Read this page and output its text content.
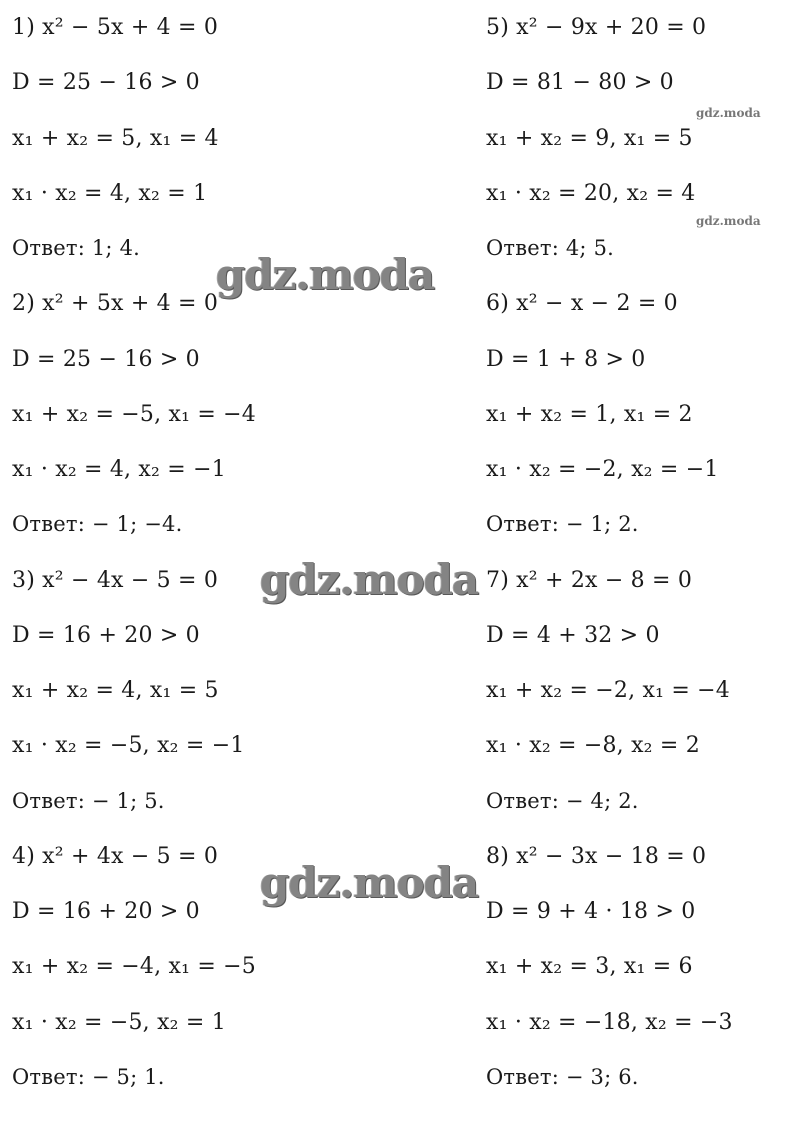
1) x² − 5x + 4 = 0
D = 25 − 16 > 0
x₁ + x₂ = 5, x₁ = 4
x₁ · x₂ = 4, x₂ = 1
Ответ: 1; 4.
2) x² + 5x + 4 = 0
D = 25 − 16 > 0
x₁ + x₂ = −5, x₁ = −4
x₁ · x₂ = 4, x₂ = −1
Ответ: − 1; −4.
3) x² − 4x − 5 = 0
D = 16 + 20 > 0
x₁ + x₂ = 4, x₁ = 5
x₁ · x₂ = −5, x₂ = −1
Ответ: − 1; 5.
4) x² + 4x − 5 = 0
D = 16 + 20 > 0
x₁ + x₂ = −4, x₁ = −5
x₁ · x₂ = −5, x₂ = 1
Ответ: − 5; 1.
5) x² − 9x + 20 = 0
D = 81 − 80 > 0
x₁ + x₂ = 9, x₁ = 5
x₁ · x₂ = 20, x₂ = 4
Ответ: 4; 5.
6) x² − x − 2 = 0
D = 1 + 8 > 0
x₁ + x₂ = 1, x₁ = 2
x₁ · x₂ = −2, x₂ = −1
Ответ: − 1; 2.
7) x² + 2x − 8 = 0
D = 4 + 32 > 0
x₁ + x₂ = −2, x₁ = −4
x₁ · x₂ = −8, x₂ = 2
Ответ: − 4; 2.
8) x² − 3x − 18 = 0
D = 9 + 4 · 18 > 0
x₁ + x₂ = 3, x₁ = 6
x₁ · x₂ = −18, x₂ = −3
Ответ: − 3; 6.
gdz.moda
gdz.moda
gdz.moda
gdz.moda
gdz.moda
